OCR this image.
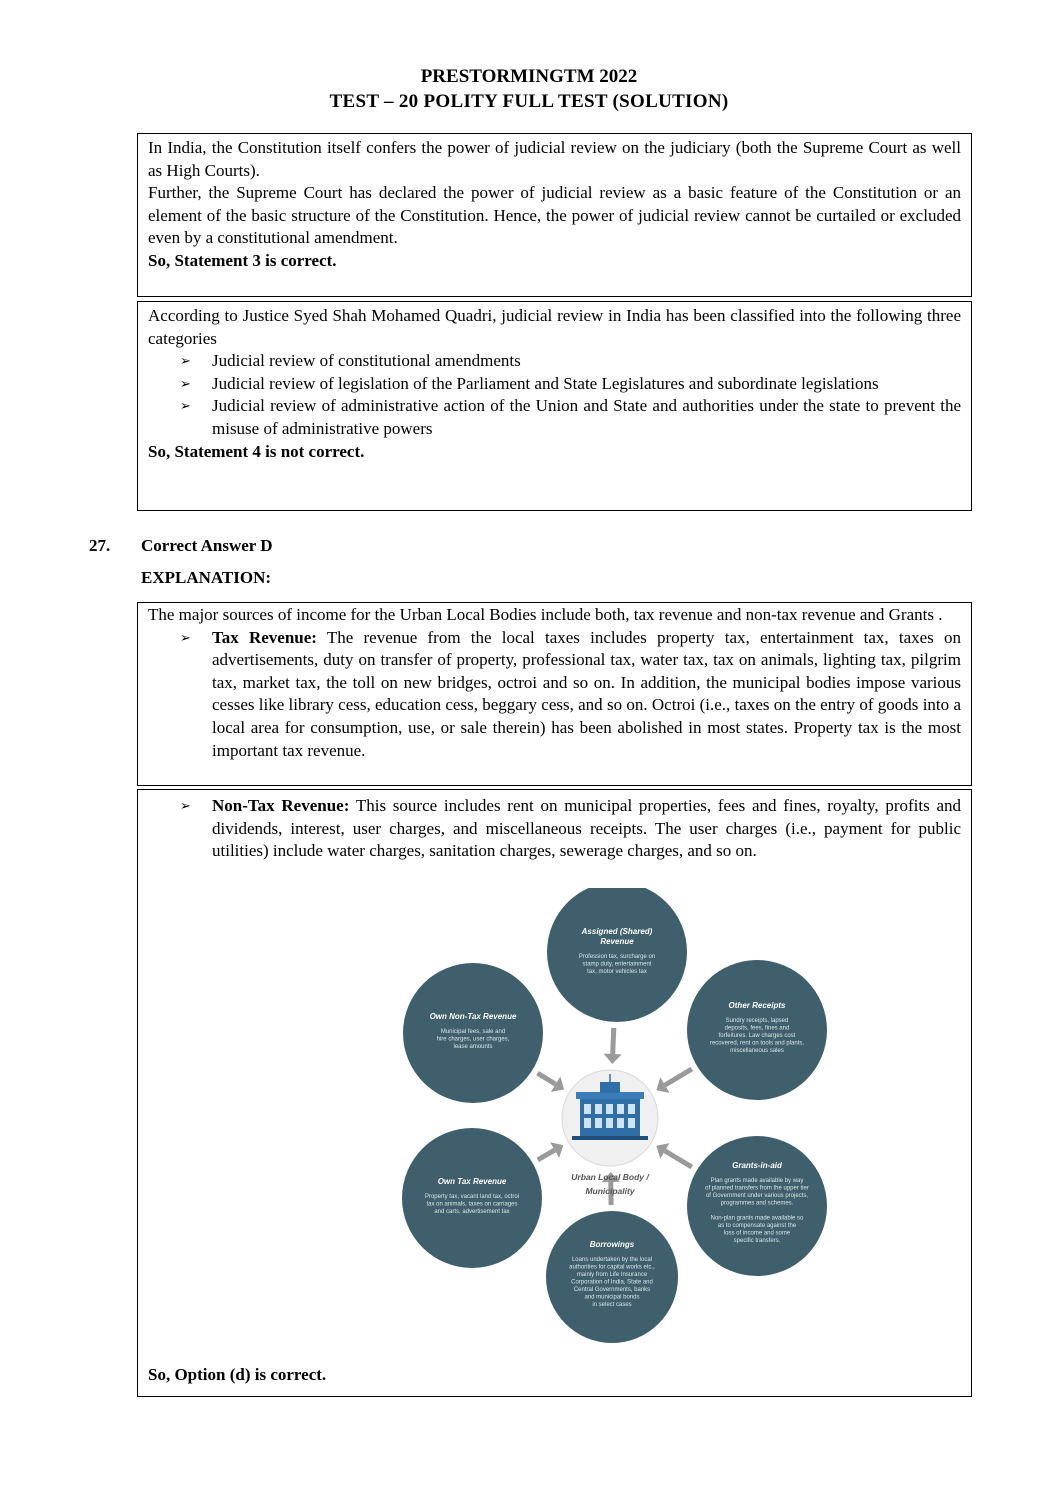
PRESTORMINGTM 2022
TEST – 20 POLITY FULL TEST (SOLUTION)

In India, the Constitution itself confers the power of judicial review on the judiciary (both the Supreme Court as well as High Courts).

Further, the Supreme Court has declared the power of judicial review as a basic feature of the Constitution or an element of the basic structure of the Constitution. Hence, the power of judicial review cannot be curtailed or excluded even by a constitutional amendment.

So, Statement 3 is correct.

According to Justice Syed Shah Mohamed Quadri, judicial review in India has been classified into the following three categories

➢ Judicial review of constitutional amendments

➢ Judicial review of legislation of the Parliament and State Legislatures and subordinate legislations

➢ Judicial review of administrative action of the Union and State and authorities under the state to prevent the misuse of administrative powers

So, Statement 4 is not correct.

27. Correct Answer D
EXPLANATION:

The major sources of income for the Urban Local Bodies include both, tax revenue and non-tax revenue and Grants .

➢ Tax Revenue: The revenue from the local taxes includes property tax, entertainment tax, taxes on advertisements, duty on transfer of property, professional tax, water tax, tax on animals, lighting tax, pilgrim tax, market tax, the toll on new bridges, octroi and so on. In addition, the municipal bodies impose various cesses like library cess, education cess, beggary cess, and so on. Octroi (i.e., taxes on the entry of goods into a local area for consumption, use, or sale therein) has been abolished in most states. Property tax is the most important tax revenue.

➢ Non-Tax Revenue: This source includes rent on municipal properties, fees and fines, royalty, profits and dividends, interest, user charges, and miscellaneous receipts. The user charges (i.e., payment for public utilities) include water charges, sanitation charges, sewerage charges, and so on.

So, Option (d) is correct.

Urban Local Body /
Municipality
Assigned (Shared)
Revenue
Profession tax, surcharge on
stamp duty, entertainment
tax, motor vehicles tax
Other Receipts
Sundry receipts, lapsed
deposits, fees, fines and
forfeitures. Law charges cost
recovered, rent on tools and plants,
miscellaneous sales
Grants-in-aid
Plan grants made available by way
of planned transfers from the upper tier
of Government under various projects,
programmes and schemes.
Non-plan grants made available so
as to compensate against the
loss of income and some
specific transfers.
Borrowings
Loans undertaken by the local
authorities for capital works etc.,
mainly from Life Insurance
Corporation of India, State and
Central Governments, banks
and municipal bonds
in select cases
Own Tax Revenue
Property tax, vacant land tax, octroi
tax on animals, taxes on carriages
and carts, advertisement tax
Own Non-Tax Revenue
Municipal fees, sale and
hire charges, user charges,
lease amounts
